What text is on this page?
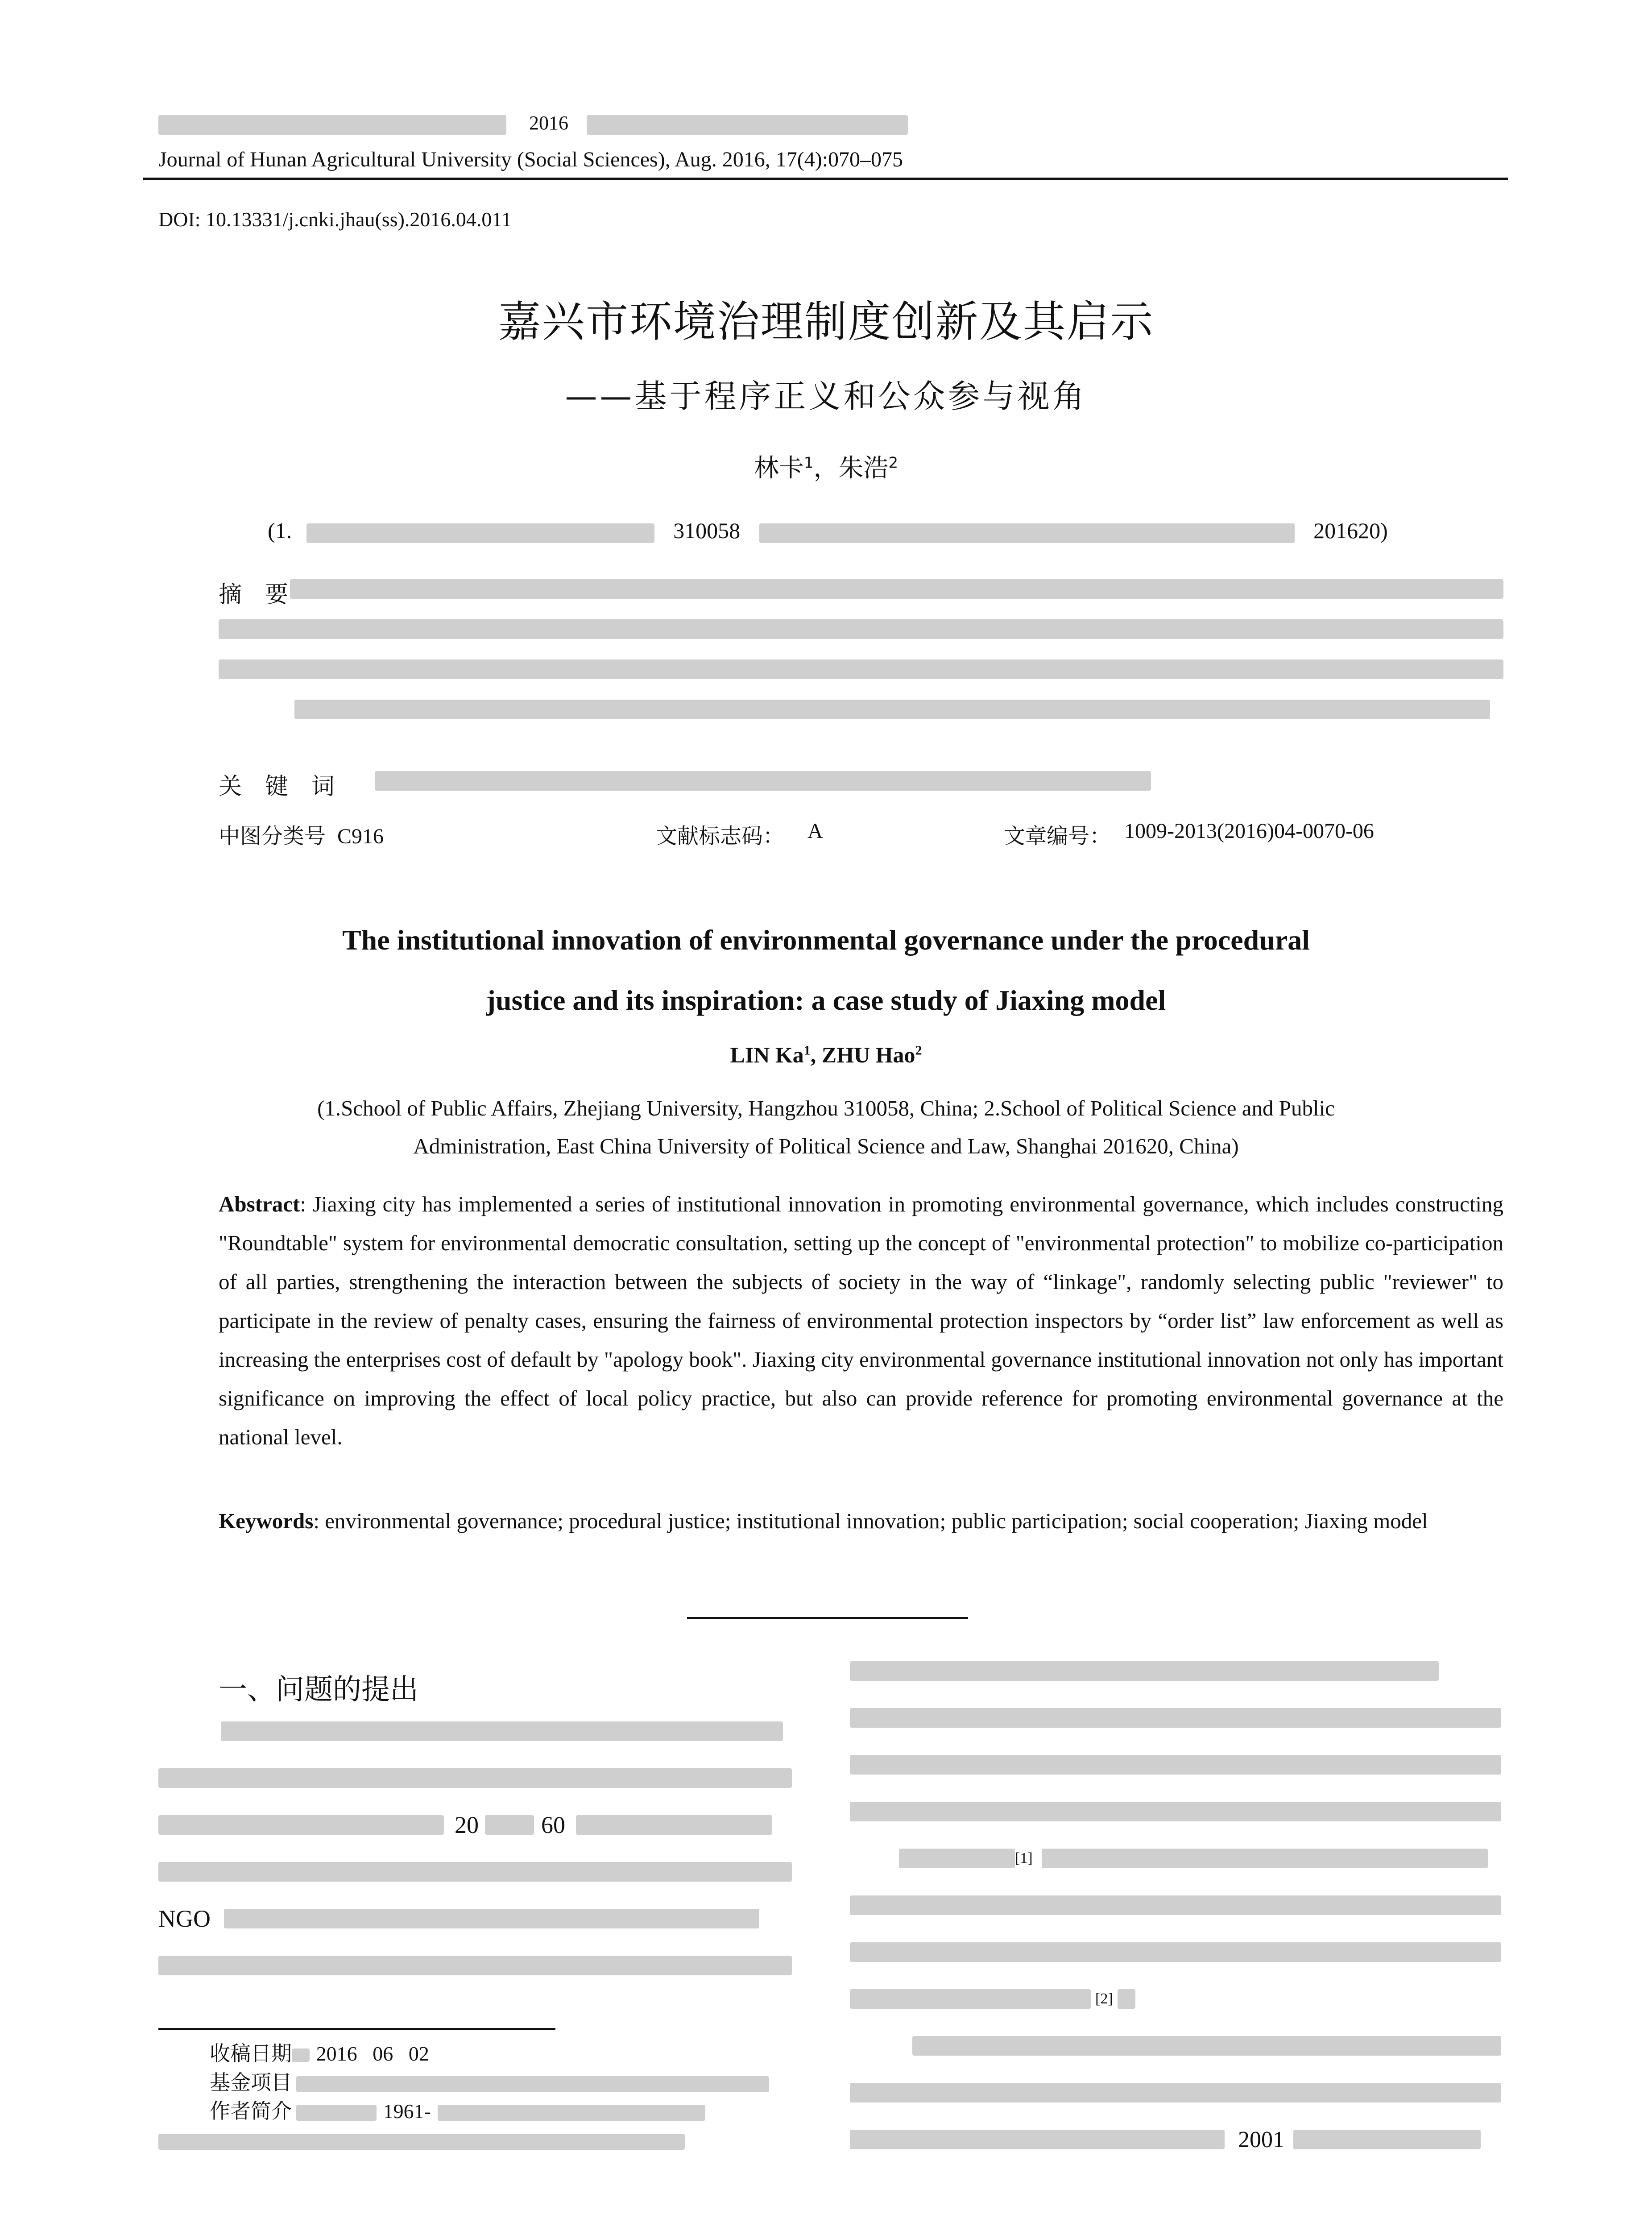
2016
Journal of Hunan Agricultural University (Social Sciences), Aug. 2016, 17(4):070–075
DOI: 10.13331/j.cnki.jhau(ss).2016.04.011
嘉兴市环境治理制度创新及其启示
——基于程序正义和公众参与视角
林卡$^1$，朱浩$^2$
(1.	310058	201620)
摘　要
关　键　词
中图分类号 C916	文献标志码： A	文章编号： 1009-2013(2016)04-0070-06
The institutional innovation of environmental governance under the procedural
justice and its inspiration: a case study of Jiaxing model
LIN Ka$^1$, ZHU Hao$^2$
(1.School of Public Affairs, Zhejiang University, Hangzhou 310058, China; 2.School of Political Science and Public
Administration, East China University of Political Science and Law, Shanghai 201620, China)

Abstract: Jiaxing city has implemented a series of institutional innovation in promoting environmental governance, which includes constructing "Roundtable" system for environmental democratic consultation, setting up the concept of "environmental protection" to mobilize co-participation of all parties, strengthening the interaction between the subjects of society in the way of “linkage", randomly selecting public "reviewer" to participate in the review of penalty cases, ensuring the fairness of environmental protection inspectors by “order list” law enforcement as well as increasing the enterprises cost of default by "apology book". Jiaxing city environmental governance institutional innovation not only has important significance on improving the effect of local policy practice, but also can provide reference for promoting environmental governance at the national level.

Keywords: environmental governance; procedural justice; institutional innovation; public participation; social cooperation; Jiaxing model
一、问题的提出
20	60
NGO
收稿日期 2016 06 02
基金项目
作者简介	1961-
[1]
[2]
2001
